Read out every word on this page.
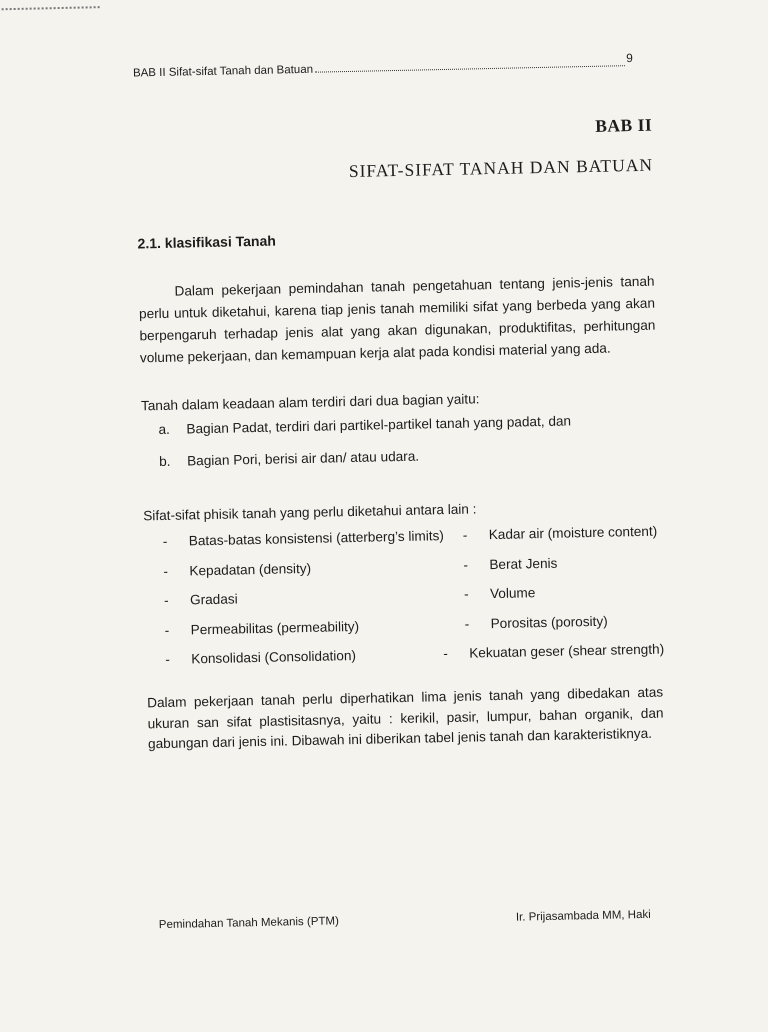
BAB II Sifat-sifat Tanah dan Batuan
9
BAB II
SIFAT-SIFAT TANAH DAN BATUAN
2.1. klasifikasi Tanah
Dalam pekerjaan pemindahan tanah pengetahuan tentang jenis-jenis tanah perlu untuk diketahui, karena tiap jenis tanah memiliki sifat yang berbeda yang akan berpengaruh terhadap jenis alat yang akan digunakan, produktifitas, perhitungan volume pekerjaan, dan kemampuan kerja alat pada kondisi material yang ada.
Tanah dalam keadaan alam terdiri dari dua bagian yaitu:
a.	Bagian Padat, terdiri dari partikel-partikel tanah yang padat, dan
b.	Bagian Pori, berisi air dan/ atau udara.
Sifat-sifat phisik tanah yang perlu diketahui antara lain :
-	Batas-batas konsistensi (atterberg’s limits) -	Kadar air (moisture content)
-	Kepadatan (density)	-	Berat Jenis
-	Gradasi	-	Volume
-	Permeabilitas (permeability)	-	Porositas (porosity)
-	Konsolidasi (Consolidation)	-	Kekuatan geser (shear strength)
Dalam pekerjaan tanah perlu diperhatikan lima jenis tanah yang dibedakan atas ukuran san sifat plastisitasnya, yaitu : kerikil, pasir, lumpur, bahan organik, dan gabungan dari jenis ini. Dibawah ini diberikan tabel jenis tanah dan karakteristiknya.
Pemindahan Tanah Mekanis (PTM)	Ir. Prijasambada MM, Haki
